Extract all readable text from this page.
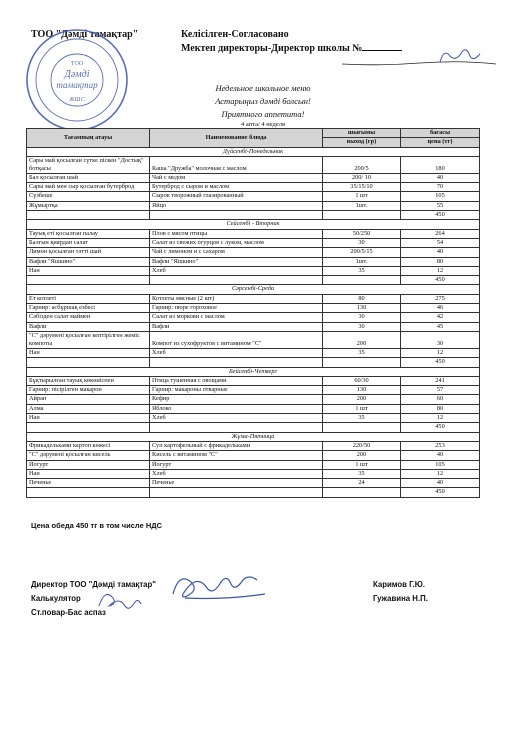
ТОО "Дәмді тамақтар"	Келісілген-Согласовано
Мектеп директоры-Директор школы №
Дәмді
тамақтар
ТОО
ЖШС
Недельное школьное меню
Астарыңыз дәмді болсын!
Приятного аппетита!
4 апта/ 4 неделя
Тағамның атауы	Наименование блюда	шығымы	бағасы
		выход (гр)	цена (тг)
Дүйсенбі-Понедельник			
Сары май қосылған сүтке піскен "Достық" ботқасы	Каша "Дружба" молочная с маслом	200/5	180
Бал қосылған шай	Чай с медом	200/ 10	40
Сары май мен сыр қосылған бутерброд	Бутерброд с сыром и маслом	35/15/10	70
Сүзбеше	Сырок творожный глазированный	1 шт	105
Жұмыртқа	Яйцо	1шт.	55
			450
Сейсенбі - Вторник			
Тауық еті қосылған палау	Плов с мясом птицы	50/250	264
Балғын қиярдан салат	Салат из свежих огурцов с луком, маслом	30	54
Лимон қосылған тәтті шай	Чай с лимоном и с сахаром	200/5/15	40
Вафли "Яшкино"	Вафли "Яшкино"	1шт.	80
Нан	Хлеб	35	12
			450
Сәрсенбі-Среда			
Ет котлеті	Котлеты мясные (2 шт)	80	275
Гарнир: асбұршақ езбесі	Гарнир: пюре гороховое	130	46
Сәбізден салат маймен	Салат из моркови с маслом	30	42
Вафли	Вафли	30	45
"С" дәрумені қосылған кептірілген жеміс компоты	Компот из сухофруктов с витамином "С"	200	30
Нан	Хлеб	35	12
			450
Бейсенбі-Четверг			
Бұқтырылған тауық көкөніспен	Птица тушенная с овощами	60/30	241
Гарнир: пісірілген макарон	Гарнир: макароны отварные	130	57
Айран	Кефир	200	60
Алма	Яблоко	1 шт	80
Нан	Хлеб	35	12
			450
Жұма-Пятница			
Фрикадельками картоп көжесі	Суп картофельный с фрикадельками	220/50	253
"С" дәрумені қосылған кисель	Кисель с витамином "С"	200	40
Йогурт	Йогурт	1 шт	105
Нан	Хлеб	35	12
Печенье	Печенье	24	40
			450
Цена обеда 450 тг в том числе НДС
Директор ТОО "Дәмді тамақтар"
Калькулятор
Ст.повар-Бас аспаз
Каримов Г.Ю.
Гужавина Н.П.
